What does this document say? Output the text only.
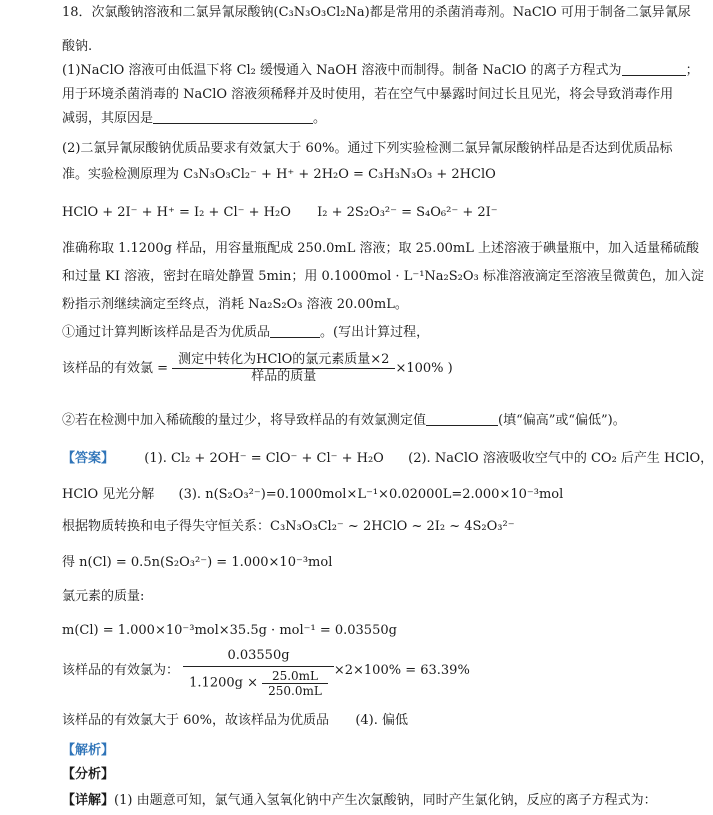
18．次氯酸钠溶液和二氯异氰尿酸钠(C₃N₃O₃Cl₂Na)都是常用的杀菌消毒剂。NaClO 可用于制备二氯异氰尿
酸钠.
(1)NaClO 溶液可由低温下将 Cl₂ 缓慢通入 NaOH 溶液中而制得。制备 NaClO 的离子方程式为	；
用于环境杀菌消毒的 NaClO 溶液须稀释并及时使用，若在空气中暴露时间过长且见光，将会导致消毒作用
减弱，其原因是	。
(2)二氯异氰尿酸钠优质品要求有效氯大于 60%。通过下列实验检测二氯异氰尿酸钠样品是否达到优质品标
准。实验检测原理为 C₃N₃O₃Cl₂⁻ + H⁺ + 2H₂O = C₃H₃N₃O₃ + 2HClO
HClO + 2I⁻ + H⁺ = I₂ + Cl⁻ + H₂O I₂ + 2S₂O₃²⁻ = S₄O₆²⁻ + 2I⁻
准确称取 1.1200g 样品，用容量瓶配成 250.0mL 溶液；取 25.00mL 上述溶液于碘量瓶中，加入适量稀硫酸
和过量 KI 溶液，密封在暗处静置 5min；用 0.1000mol · L⁻¹Na₂S₂O₃ 标准溶液滴定至溶液呈微黄色，加入淀
粉指示剂继续滴定至终点，消耗 Na₂S₂O₃ 溶液 20.00mL。
①通过计算判断该样品是否为优质品	。(写出计算过程，
该样品的有效氯 = $\frac{\text{测定中转化为HClO的氯元素质量×2}}{\text{样品的质量}} \times 100\%$ )
②若在检测中加入稀硫酸的量过少，将导致样品的有效氯测定值	(填“偏高”或“偏低”)。
【答案】 (1). Cl₂ + 2OH⁻ = ClO⁻ + Cl⁻ + H₂O (2). NaClO 溶液吸收空气中的 CO₂ 后产生 HClO，
HClO 见光分解 (3). n(S₂O₃²⁻)=0.1000mol×L⁻¹×0.02000L=2.000×10⁻³mol
根据物质转换和电子得失守恒关系：C₃N₃O₃Cl₂⁻ ~ 2HClO ~ 2I₂ ~ 4S₂O₃²⁻
得 n(Cl) = 0.5n(S₂O₃²⁻) = 1.000×10⁻³mol
氯元素的质量:
m(Cl) = 1.000×10⁻³mol×35.5g · mol⁻¹ = 0.03550g
该样品的有效氯为： $\frac{0.03550g}{1.1200g \times \frac{25.0mL}{250.0mL}} \times 2\times 100\% = 63.39\%$
该样品的有效氯大于 60%，故该样品为优质品 (4). 偏低
【解析】
【分析】
【详解】(1) 由题意可知，氯气通入氢氧化钠中产生次氯酸钠，同时产生氯化钠，反应的离子方程式为：
